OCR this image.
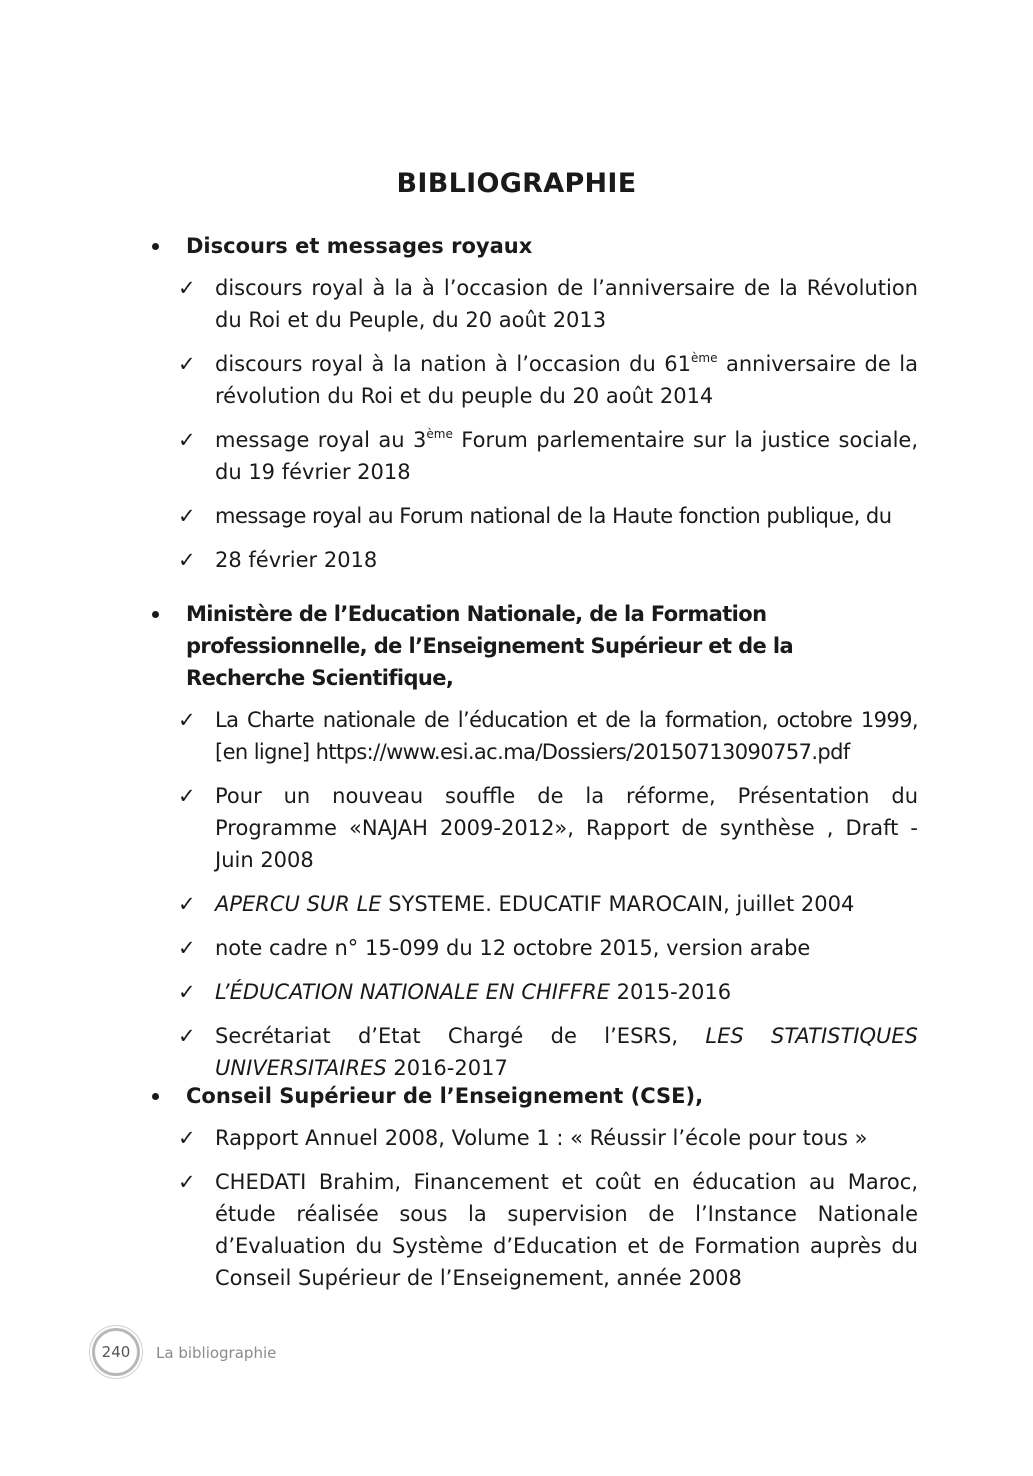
BIBLIOGRAPHIE
Discours et messages royaux
✓ discours royal à la à l’occasion de l’anniversaire de la Révolution du Roi et du Peuple, du 20 août 2013
✓ discours royal à la nation à l’occasion du 61ème anniversaire de la révolution du Roi et du peuple du 20 août 2014
✓ message royal au 3ème Forum parlementaire sur la justice sociale, du 19 février 2018
✓ message royal au Forum national de la Haute fonction publique, du
✓ 28 février 2018
Ministère de l’Education Nationale, de la Formation professionnelle, de l’Enseignement Supérieur et de la Recherche Scientifique,
✓ La Charte nationale de l’éducation et de la formation, octobre 1999, [en ligne] https://www.esi.ac.ma/Dossiers/20150713090757.pdf
✓ Pour un nouveau souffle de la réforme, Présentation du Programme «NAJAH 2009-2012», Rapport de synthèse , Draft - Juin 2008
✓ APERCU SUR LE SYSTEME. EDUCATIF MAROCAIN, juillet 2004
✓ note cadre n° 15-099 du 12 octobre 2015, version arabe
✓ L’ÉDUCATION NATIONALE EN CHIFFRE 2015-2016
✓ Secrétariat d’Etat Chargé de l’ESRS, LES STATISTIQUES UNIVERSITAIRES 2016-2017
Conseil Supérieur de l’Enseignement (CSE),
✓ Rapport Annuel 2008, Volume 1 : « Réussir l’école pour tous »
✓ CHEDATI Brahim, Financement et coût en éducation au Maroc, étude réalisée sous la supervision de l’Instance Nationale d’Evaluation du Système d’Education et de Formation auprès du Conseil Supérieur de l’Enseignement, année 2008
240 La bibliographie
